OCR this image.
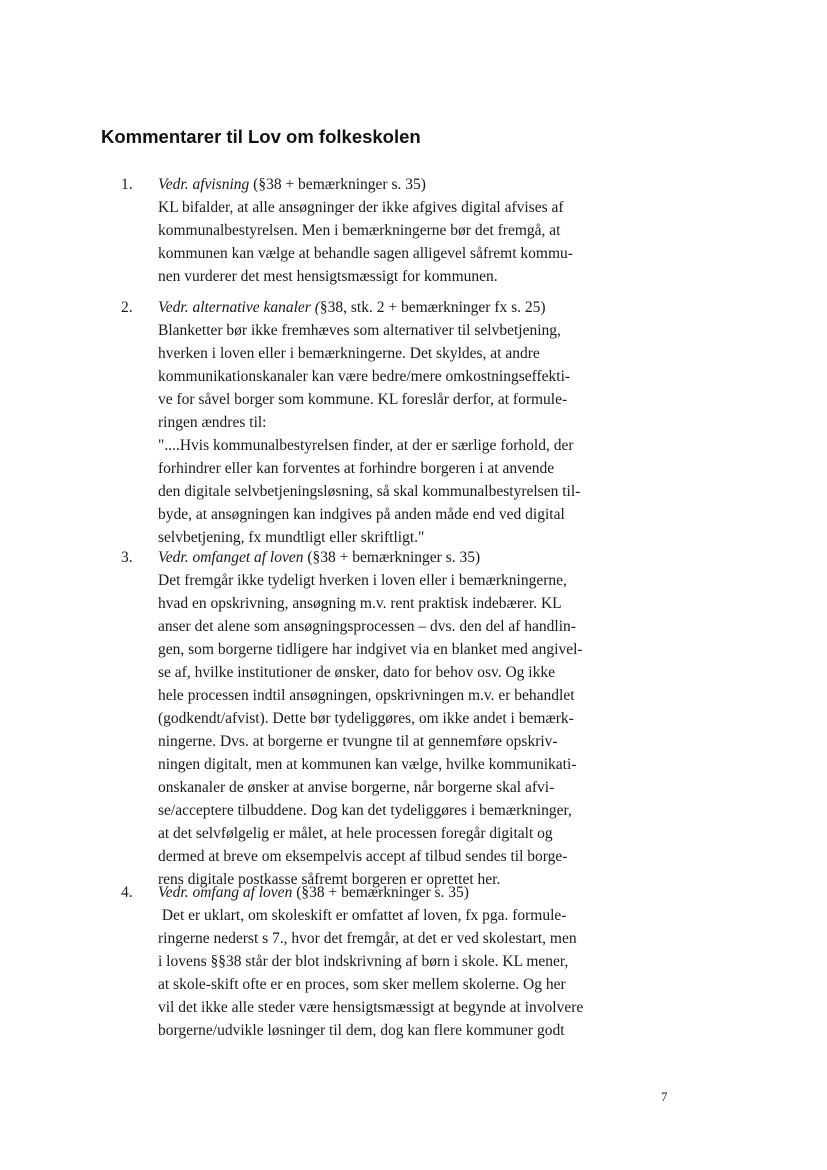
Kommentarer til Lov om folkeskolen
1. Vedr. afvisning (§38 + bemærkninger s. 35)
KL bifalder, at alle ansøgninger der ikke afgives digital afvises af
kommunalbestyrelsen. Men i bemærkningerne bør det fremgå, at
kommunen kan vælge at behandle sagen alligevel såfremt kommu-
nen vurderer det mest hensigtsmæssigt for kommunen.
2. Vedr. alternative kanaler (§38, stk. 2 + bemærkninger fx s. 25)
Blanketter bør ikke fremhæves som alternativer til selvbetjening,
hverken i loven eller i bemærkningerne. Det skyldes, at andre
kommunikationskanaler kan være bedre/mere omkostningseffekti-
ve for såvel borger som kommune. KL foreslår derfor, at formule-
ringen ændres til:
"....Hvis kommunalbestyrelsen finder, at der er særlige forhold, der
forhindrer eller kan forventes at forhindre borgeren i at anvende
den digitale selvbetjeningsløsning, så skal kommunalbestyrelsen til-
byde, at ansøgningen kan indgives på anden måde end ved digital
selvbetjening, fx mundtligt eller skriftligt."
3. Vedr. omfanget af loven (§38 + bemærkninger s. 35)
Det fremgår ikke tydeligt hverken i loven eller i bemærkningerne,
hvad en opskrivning, ansøgning m.v. rent praktisk indebærer. KL
anser det alene som ansøgningsprocessen – dvs. den del af handlin-
gen, som borgerne tidligere har indgivet via en blanket med angivel-
se af, hvilke institutioner de ønsker, dato for behov osv. Og ikke
hele processen indtil ansøgningen, opskrivningen m.v. er behandlet
(godkendt/afvist). Dette bør tydeliggøres, om ikke andet i bemærk-
ningerne. Dvs. at borgerne er tvungne til at gennemføre opskriv-
ningen digitalt, men at kommunen kan vælge, hvilke kommunikati-
onskanaler de ønsker at anvise borgerne, når borgerne skal afvi-
se/acceptere tilbuddene. Dog kan det tydeliggøres i bemærkninger,
at det selvfølgelig er målet, at hele processen foregår digitalt og
dermed at breve om eksempelvis accept af tilbud sendes til borge-
rens digitale postkasse såfremt borgeren er oprettet her.
4. Vedr. omfang af loven (§38 + bemærkninger s. 35)
Det er uklart, om skoleskift er omfattet af loven, fx pga. formule-
ringerne nederst s 7., hvor det fremgår, at det er ved skolestart, men
i lovens §§38 står der blot indskrivning af børn i skole. KL mener,
at skole-skift ofte er en proces, som sker mellem skolerne. Og her
vil det ikke alle steder være hensigtsmæssigt at begynde at involvere
borgerne/udvikle løsninger til dem, dog kan flere kommuner godt
7
